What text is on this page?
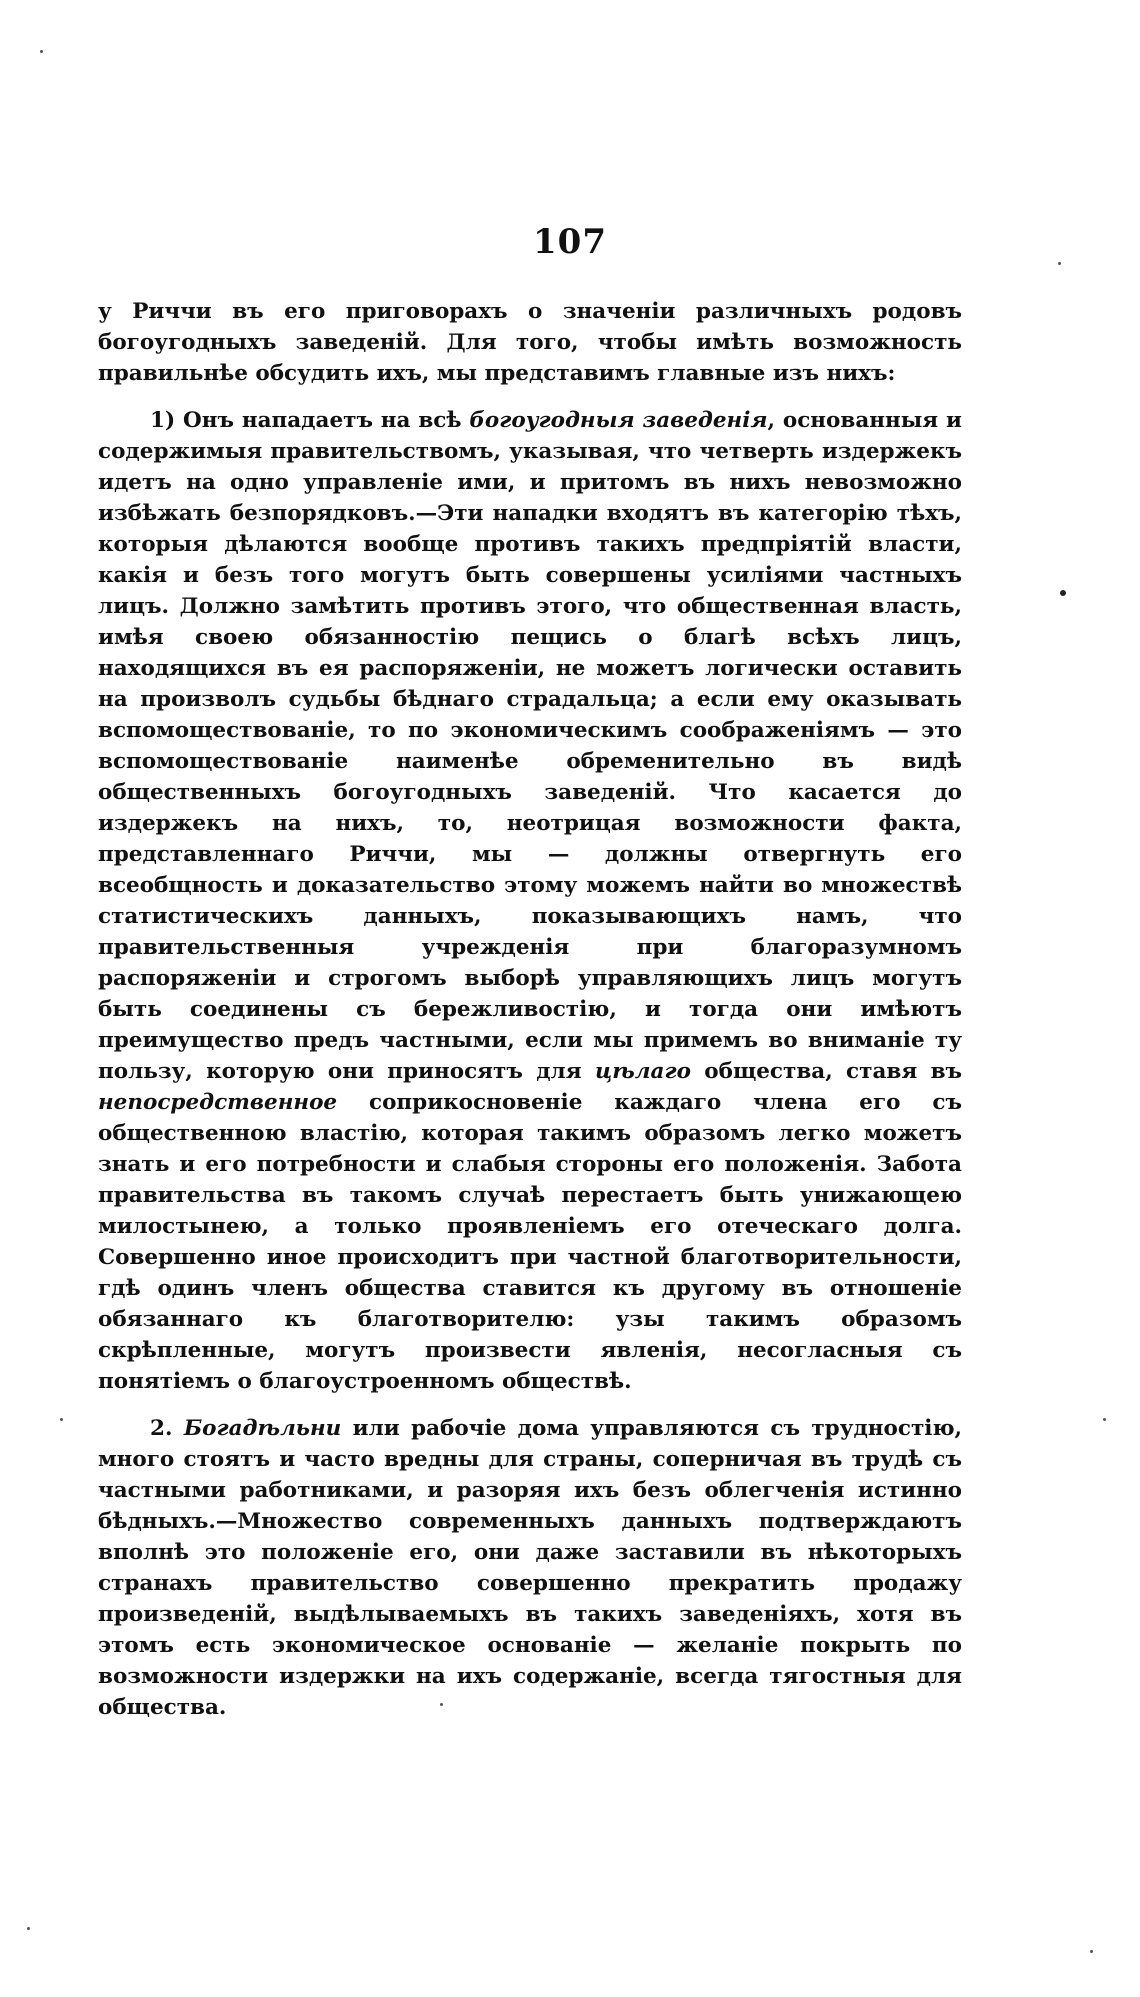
107

у Риччи въ его приговорахъ о значеніи различныхъ родовъ богоугодныхъ заведеній. Для того, чтобы имѣть возможность правильнѣе обсудить ихъ, мы представимъ главные изъ нихъ:

1) Онъ нападаетъ на всѣ богоугодныя заведенія, основанныя и содержимыя правительствомъ, указывая, что четверть издержекъ идетъ на одно управленіе ими, и притомъ въ нихъ невозможно избѣжать безпорядковъ.—Эти нападки входятъ въ категорію тѣхъ, которыя дѣлаются вообще противъ такихъ предпріятій власти, какія и безъ того могутъ быть совершены усиліями частныхъ лицъ. Должно замѣтить противъ этого, что общественная власть, имѣя своею обязанностію пещись о благѣ всѣхъ лицъ, находящихся въ ея распоряженіи, не можетъ логически оставить на произволъ судьбы бѣднаго страдальца; а если ему оказывать вспомоществованіе, то по экономическимъ соображеніямъ — это вспомоществованіе наименѣе обременительно въ видѣ общественныхъ богоугодныхъ заведеній. Что касается до издержекъ на нихъ, то, неотрицая возможности факта, представленнаго Риччи, мы — должны отвергнуть его всеобщность и доказательство этому можемъ найти во множествѣ статистическихъ данныхъ, показывающихъ намъ, что правительственныя учрежденія при благоразумномъ распоряженіи и строгомъ выборѣ управляющихъ лицъ могутъ быть соединены съ бережливостію, и тогда они имѣютъ преимущество предъ частными, если мы примемъ во вниманіе ту пользу, которую они приносятъ для цѣлаго общества, ставя въ непосредственное соприкосновеніе каждаго члена его съ общественною властію, которая такимъ образомъ легко можетъ знать и его потребности и слабыя стороны его положенія. Забота правительства въ такомъ случаѣ перестаетъ быть унижающею милостынею, а только проявленіемъ его отеческаго долга. Совершенно иное происходитъ при частной благотворительности, гдѣ одинъ членъ общества ставится къ другому въ отношеніе обязаннаго къ благотворителю: узы такимъ образомъ скрѣпленные, могутъ произвести явленія, несогласныя съ понятіемъ о благоустроенномъ обществѣ.

2. Богадѣльни или рабочіе дома управляются съ трудностію, много стоятъ и часто вредны для страны, соперничая въ трудѣ съ частными работниками, и разоряя ихъ безъ облегченія истинно бѣдныхъ.—Множество современныхъ данныхъ подтверждаютъ вполнѣ это положеніе его, они даже заставили въ нѣкоторыхъ странахъ правительство совершенно прекратить продажу произведеній, выдѣлываемыхъ въ такихъ заведеніяхъ, хотя въ этомъ есть экономическое основаніе — желаніе покрыть по возможности издержки на ихъ содержаніе, всегда тягостныя для общества.
